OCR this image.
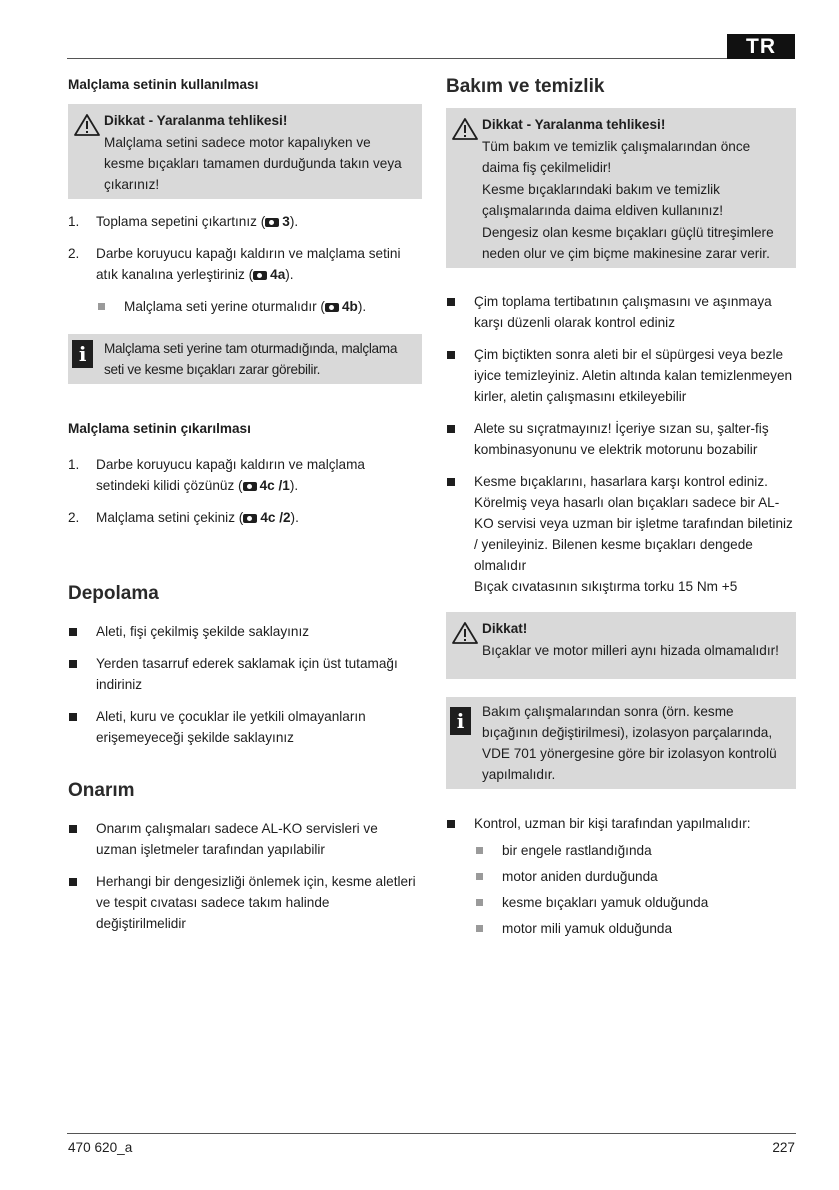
TR
Malçlama setinin kullanılması

Dikkat - Yaralanma tehlikesi!

Malçlama setini sadece motor kapalıyken ve kesme bıçakları tamamen durduğunda takın veya çıkarınız!

1. Toplama sepetini çıkartınız ( 3).
2. Darbe koruyucu kapağı kaldırın ve malçlama setini atık kanalına yerleştiriniz ( 4a).
Malçlama seti yerine oturmalıdır ( 4b).
i	Malçlama seti yerine tam oturmadığında, malçlama seti ve kesme bıçakları zarar görebilir.

Malçlama setinin çıkarılması
1. Darbe koruyucu kapağı kaldırın ve malçlama setindeki kilidi çözünüz ( 4c /1).
2. Malçlama setini çekiniz ( 4c /2).
Depolama
Aleti, fişi çekilmiş şekilde saklayınız
Yerden tasarruf ederek saklamak için üst tutamağı indiriniz
Aleti, kuru ve çocuklar ile yetkili olmayanların erişemeyeceği şekilde saklayınız
Onarım
Onarım çalışmaları sadece AL-KO servisleri ve uzman işletmeler tarafından yapılabilir
Herhangi bir dengesizliği önlemek için, kesme aletleri ve tespit cıvatası sadece takım halinde değiştirilmelidir
Bakım ve temizlik

Dikkat - Yaralanma tehlikesi!

Tüm bakım ve temizlik çalışmalarından önce daima fiş çekilmelidir!

Kesme bıçaklarındaki bakım ve temizlik çalışmalarında daima eldiven kullanınız!

Dengesiz olan kesme bıçakları güçlü titreşimlere neden olur ve çim biçme makinesine zarar verir.

Çim toplama tertibatının çalışmasını ve aşınmaya karşı düzenli olarak kontrol ediniz
Çim biçtikten sonra aleti bir el süpürgesi veya bezle iyice temizleyiniz. Aletin altında kalan temizlenmeyen kirler, aletin çalışmasını etkileyebilir
Alete su sıçratmayınız! İçeriye sızan su, şalter-fiş kombinasyonunu ve elektrik motorunu bozabilir
Kesme bıçaklarını, hasarlara karşı kontrol ediniz. Körelmiş veya hasarlı olan bıçakları sadece bir AL-KO servisi veya uzman bir işletme tarafından biletiniz / yenileyiniz. Bilenen kesme bıçakları dengede olmalıdır
Bıçak cıvatasının sıkıştırma torku 15 Nm +5

Dikkat!

Bıçaklar ve motor milleri aynı hizada olmamalıdır!

i	Bakım çalışmalarından sonra (örn. kesme bıçağının değiştirilmesi), izolasyon parçalarında, VDE 701 yönergesine göre bir izolasyon kontrolü yapılmalıdır.

Kontrol, uzman bir kişi tarafından yapılmalıdır:
bir engele rastlandığında
motor aniden durduğunda
kesme bıçakları yamuk olduğunda
motor mili yamuk olduğunda
470 620_a	227
